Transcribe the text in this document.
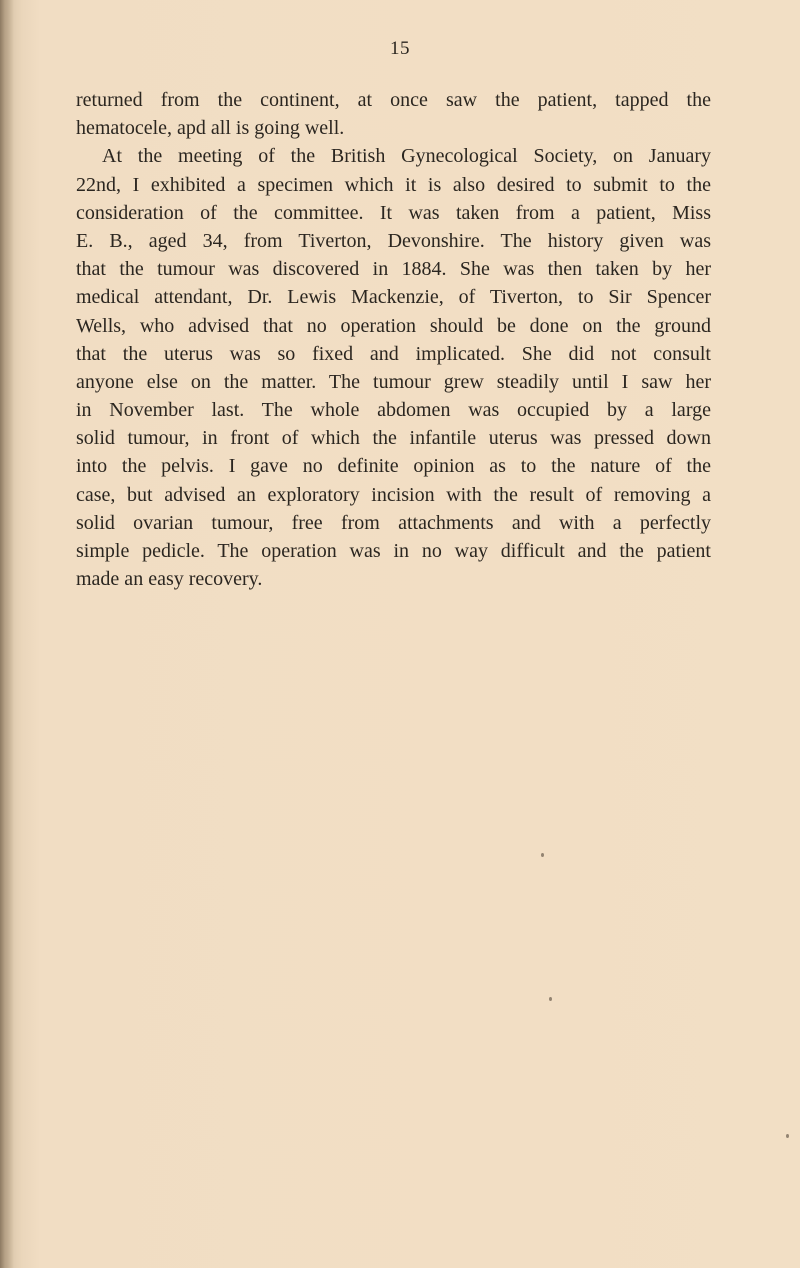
15
returned from the continent, at once saw the patient, tapped the
hematocele, apd all is going well.
At the meeting of the British Gynecological Society, on January
22nd, I exhibited a specimen which it is also desired to submit to the
consideration of the committee. It was taken from a patient, Miss
E. B., aged 34, from Tiverton, Devonshire. The history given was
that the tumour was discovered in 1884. She was then taken by her
medical attendant, Dr. Lewis Mackenzie, of Tiverton, to Sir Spencer
Wells, who advised that no operation should be done on the ground
that the uterus was so fixed and implicated. She did not consult
anyone else on the matter. The tumour grew steadily until I saw her
in November last. The whole abdomen was occupied by a large
solid tumour, in front of which the infantile uterus was pressed down
into the pelvis. I gave no definite opinion as to the nature of the
case, but advised an exploratory incision with the result of removing a
solid ovarian tumour, free from attachments and with a perfectly
simple pedicle. The operation was in no way difficult and the patient
made an easy recovery.
